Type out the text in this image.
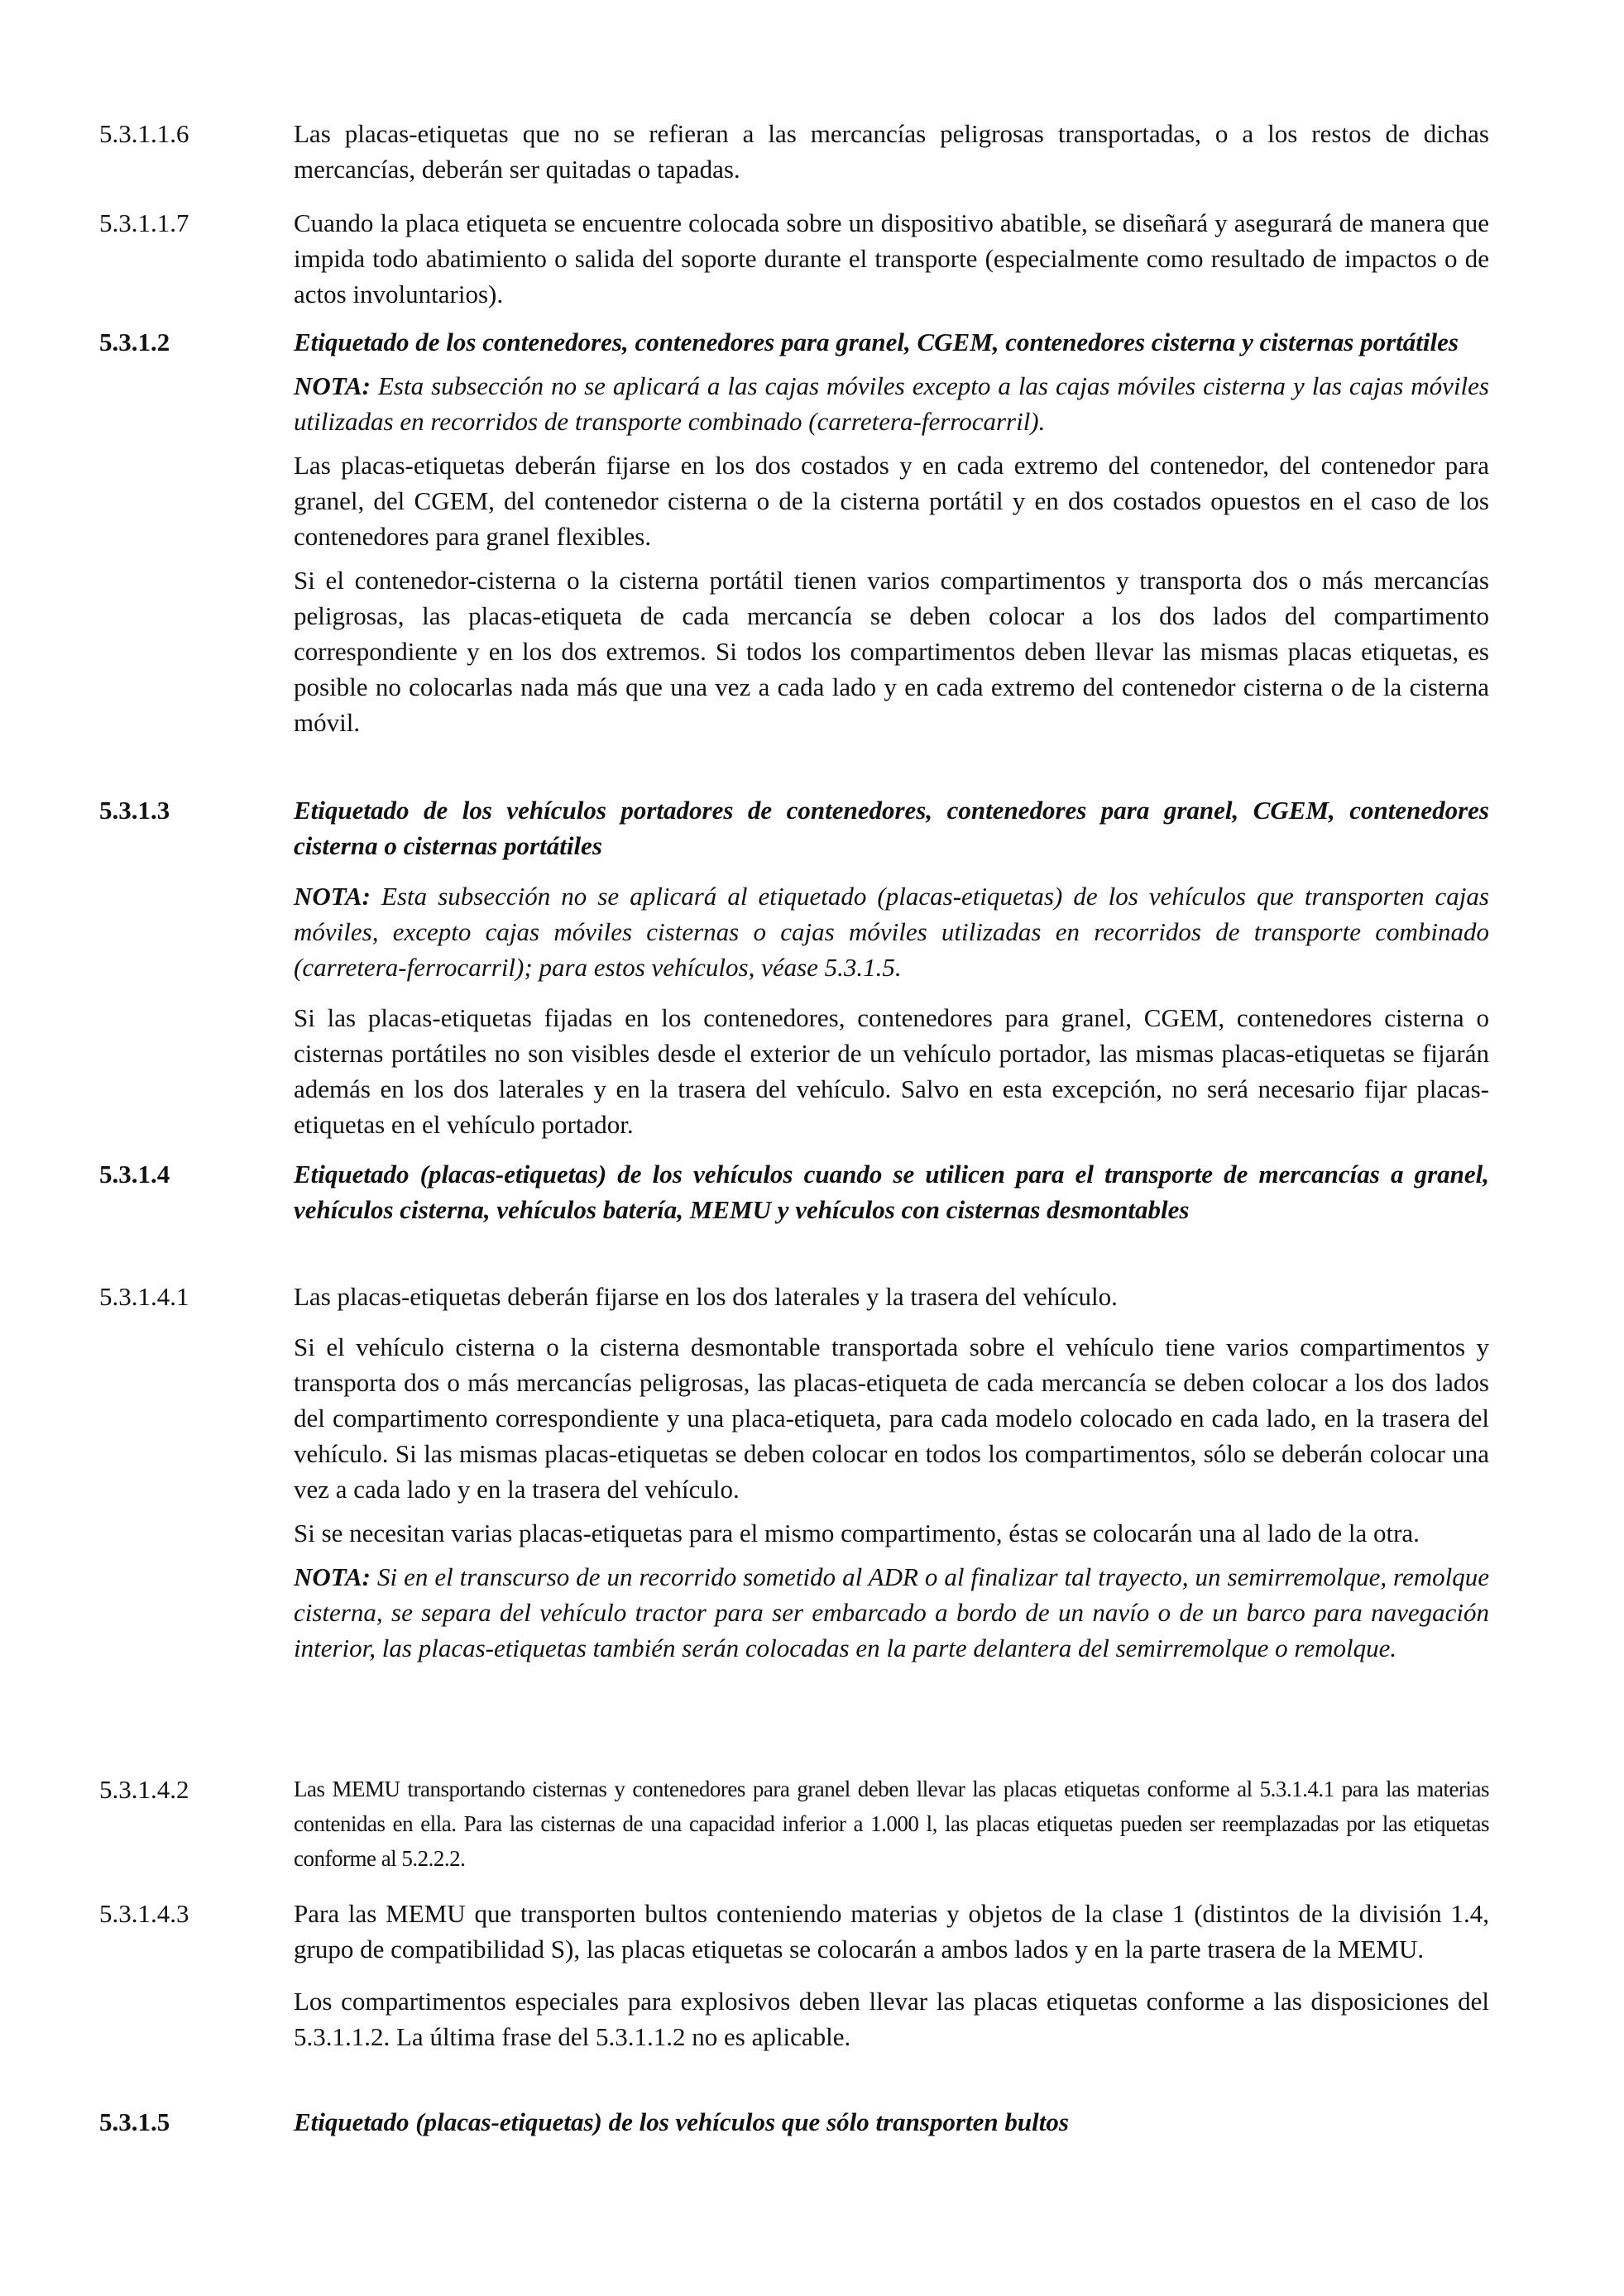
5.3.1.1.6	Las placas-etiquetas que no se refieran a las mercancías peligrosas transportadas, o a los restos de dichas mercancías, deberán ser quitadas o tapadas.

5.3.1.1.7	Cuando la placa etiqueta se encuentre colocada sobre un dispositivo abatible, se diseñará y asegurará de manera que impida todo abatimiento o salida del soporte durante el transporte (especialmente como resultado de impactos o de actos involuntarios).

5.3.1.2	Etiquetado de los contenedores, contenedores para granel, CGEM, contenedores cisterna y cisternas portátiles

NOTA: Esta subsección no se aplicará a las cajas móviles excepto a las cajas móviles cisterna y las cajas móviles utilizadas en recorridos de transporte combinado (carretera-ferrocarril).

Las placas-etiquetas deberán fijarse en los dos costados y en cada extremo del contenedor, del contenedor para granel, del CGEM, del contenedor cisterna o de la cisterna portátil y en dos costados opuestos en el caso de los contenedores para granel flexibles.

Si el contenedor-cisterna o la cisterna portátil tienen varios compartimentos y transporta dos o más mercancías peligrosas, las placas-etiqueta de cada mercancía se deben colocar a los dos lados del compartimento correspondiente y en los dos extremos. Si todos los compartimentos deben llevar las mismas placas etiquetas, es posible no colocarlas nada más que una vez a cada lado y en cada extremo del contenedor cisterna o de la cisterna móvil.

5.3.1.3	Etiquetado de los vehículos portadores de contenedores, contenedores para granel, CGEM, contenedores cisterna o cisternas portátiles

NOTA: Esta subsección no se aplicará al etiquetado (placas-etiquetas) de los vehículos que transporten cajas móviles, excepto cajas móviles cisternas o cajas móviles utilizadas en recorridos de transporte combinado (carretera-ferrocarril); para estos vehículos, véase 5.3.1.5.

Si las placas-etiquetas fijadas en los contenedores, contenedores para granel, CGEM, contenedores cisterna o cisternas portátiles no son visibles desde el exterior de un vehículo portador, las mismas placas-etiquetas se fijarán además en los dos laterales y en la trasera del vehículo. Salvo en esta excepción, no será necesario fijar placas-etiquetas en el vehículo portador.

5.3.1.4	Etiquetado (placas-etiquetas) de los vehículos cuando se utilicen para el transporte de mercancías a granel, vehículos cisterna, vehículos batería, MEMU y vehículos con cisternas desmontables

5.3.1.4.1	Las placas-etiquetas deberán fijarse en los dos laterales y la trasera del vehículo.

Si el vehículo cisterna o la cisterna desmontable transportada sobre el vehículo tiene varios compartimentos y transporta dos o más mercancías peligrosas, las placas-etiqueta de cada mercancía se deben colocar a los dos lados del compartimento correspondiente y una placa-etiqueta, para cada modelo colocado en cada lado, en la trasera del vehículo. Si las mismas placas-etiquetas se deben colocar en todos los compartimentos, sólo se deberán colocar una vez a cada lado y en la trasera del vehículo.

Si se necesitan varias placas-etiquetas para el mismo compartimento, éstas se colocarán una al lado de la otra.

NOTA: Si en el transcurso de un recorrido sometido al ADR o al finalizar tal trayecto, un semirremolque, remolque cisterna, se separa del vehículo tractor para ser embarcado a bordo de un navío o de un barco para navegación interior, las placas-etiquetas también serán colocadas en la parte delantera del semirremolque o remolque.

5.3.1.4.2	Las MEMU transportando cisternas y contenedores para granel deben llevar las placas etiquetas conforme al 5.3.1.4.1 para las materias contenidas en ella. Para las cisternas de una capacidad inferior a 1.000 l, las placas etiquetas pueden ser reemplazadas por las etiquetas conforme al 5.2.2.2.

5.3.1.4.3	Para las MEMU que transporten bultos conteniendo materias y objetos de la clase 1 (distintos de la división 1.4, grupo de compatibilidad S), las placas etiquetas se colocarán a ambos lados y en la parte trasera de la MEMU.

Los compartimentos especiales para explosivos deben llevar las placas etiquetas conforme a las disposiciones del 5.3.1.1.2. La última frase del 5.3.1.1.2 no es aplicable.

5.3.1.5	Etiquetado (placas-etiquetas) de los vehículos que sólo transporten bultos
